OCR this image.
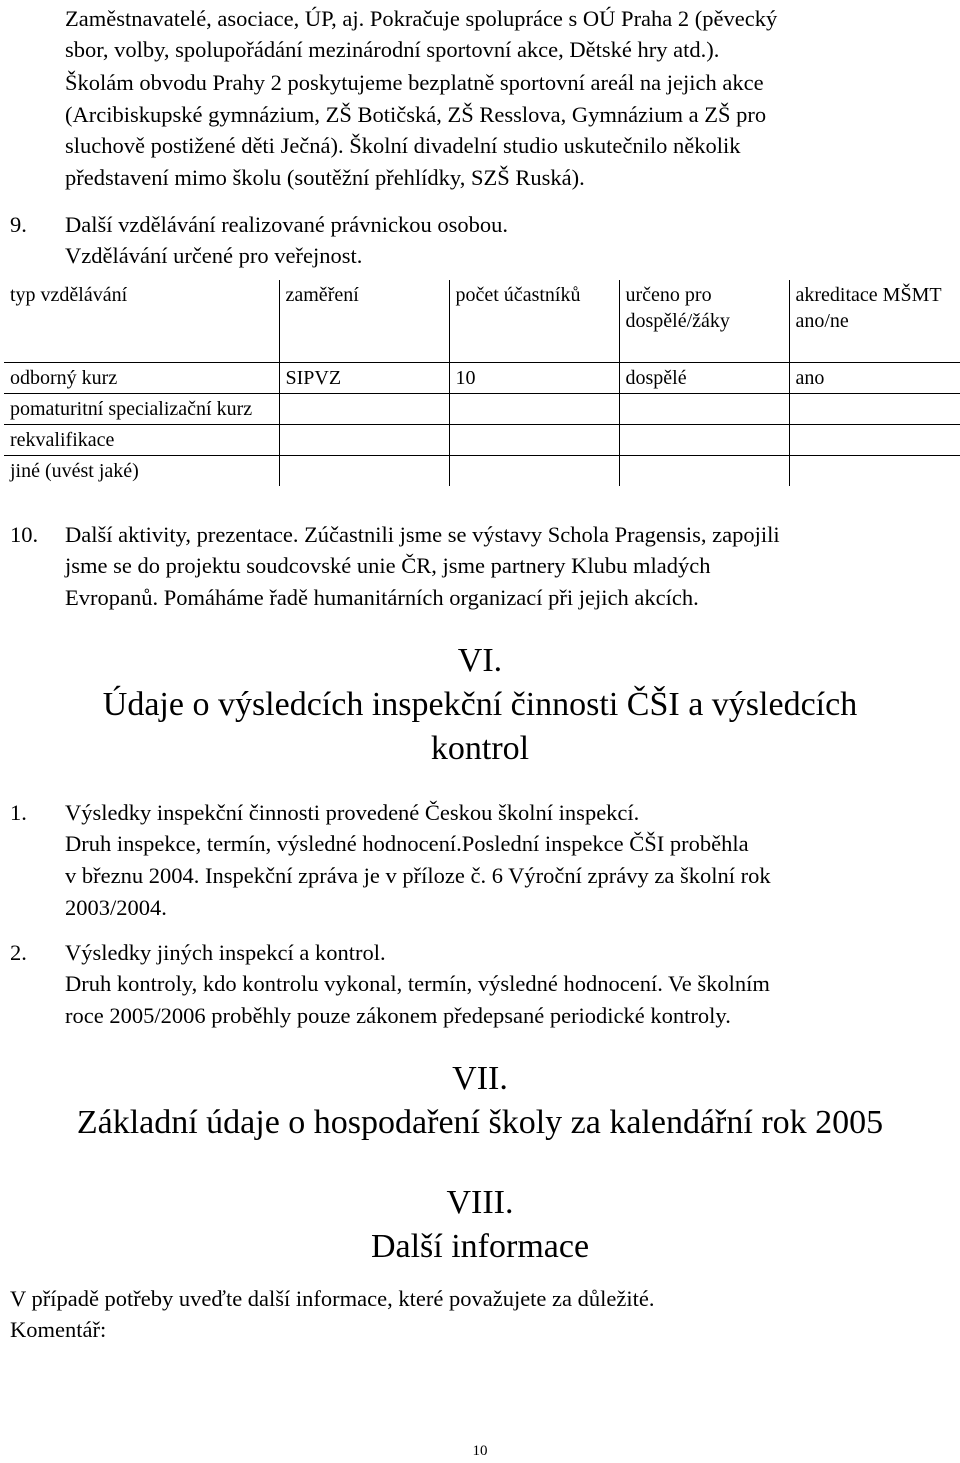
Zaměstnavatelé, asociace, ÚP, aj. Pokračuje spolupráce s OÚ Praha 2 (pěvecký

sbor, volby, spolupořádání mezinárodní sportovní akce, Dětské hry atd.).

Školám obvodu Prahy 2 poskytujeme bezplatně sportovní areál na jejich akce

(Arcibiskupské gymnázium, ZŠ Botičská, ZŠ Resslova, Gymnázium a ZŠ pro

sluchově postižené děti Ječná). Školní divadelní studio uskutečnilo několik

představení mimo školu (soutěžní přehlídky, SZŠ Ruská).

9. Další vzdělávání realizované právnickou osobou.

Vzdělávání určené pro veřejnost.

typ vzdělávání	zaměření	počet účastníků	určeno pro dospělé/žáky	akreditace MŠMT ano/ne
odborný kurz	SIPVZ	10	dospělé	ano
pomaturitní specializační kurz				
rekvalifikace				
jiné (uvést jaké)				
10. Další aktivity, prezentace. Zúčastnili jsme se výstavy Schola Pragensis, zapojili

jsme se do projektu soudcovské unie ČR, jsme partnery Klubu mladých

Evropanů. Pomáháme řadě humanitárních organizací při jejich akcích.

VI.
Údaje o výsledcích inspekční činnosti ČŠI a výsledcích
kontrol
1. Výsledky inspekční činnosti provedené Českou školní inspekcí.

Druh inspekce, termín, výsledné hodnocení.Poslední inspekce ČŠI proběhla

v březnu 2004. Inspekční zpráva je v příloze č. 6 Výroční zprávy za školní rok

2003/2004.

2. Výsledky jiných inspekcí a kontrol.

Druh kontroly, kdo kontrolu vykonal, termín, výsledné hodnocení. Ve školním

roce 2005/2006 proběhly pouze zákonem předepsané periodické kontroly.

VII.
Základní údaje o hospodaření školy za kalendářní rok 2005
VIII.
Další informace

V případě potřeby uveďte další informace, které považujete za důležité.

Komentář:

10
